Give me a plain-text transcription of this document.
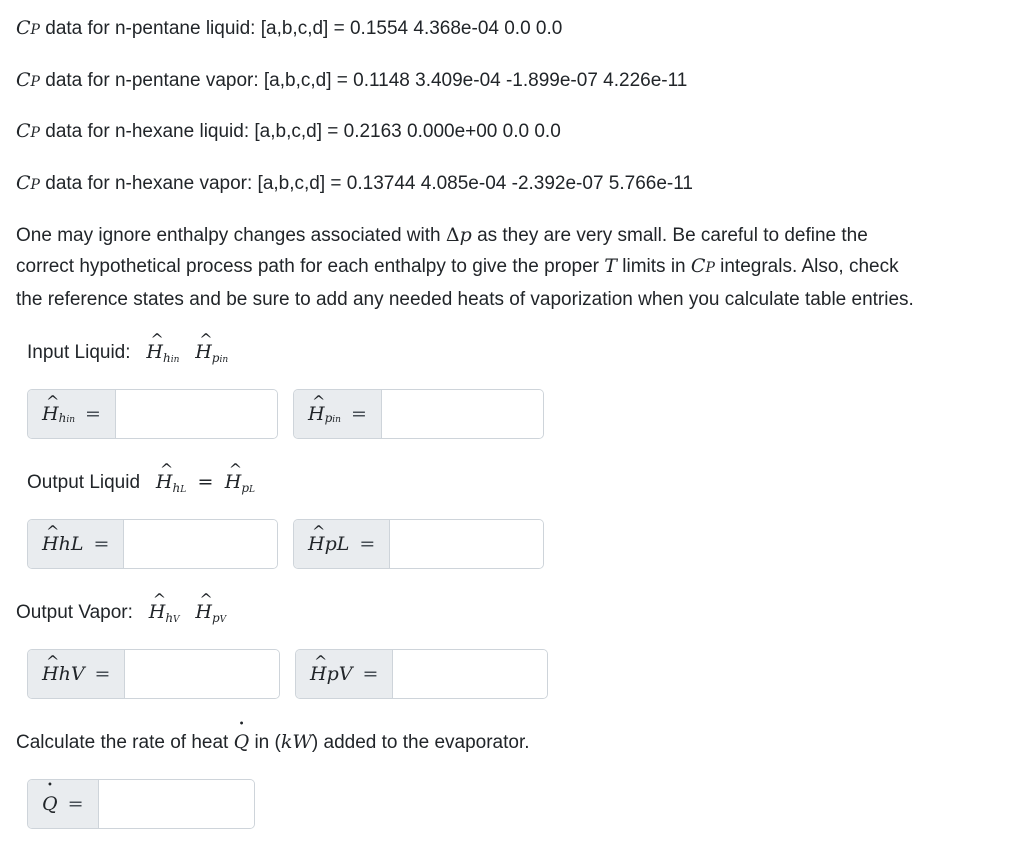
CP data for n-pentane liquid: [a,b,c,d] = 0.1554 4.368e-04 0.0 0.0
CP data for n-pentane vapor: [a,b,c,d] = 0.1148 3.409e-04 -1.899e-07 4.226e-11
CP data for n-hexane liquid: [a,b,c,d] = 0.2163 0.000e+00 0.0 0.0
CP data for n-hexane vapor: [a,b,c,d] = 0.13744 4.085e-04 -2.392e-07 5.766e-11
One may ignore enthalpy changes associated with Δp as they are very small. Be careful to define the
correct hypothetical process path for each enthalpy to give the proper T limits in CP integrals. Also, check
the reference states and be sure to add any needed heats of vaporization when you calculate table entries.
Input Liquid: ^ $H_{hin}$ ^ $H_{pin}$
^ H hin =	^ H pin =
Output Liquid ^ $H_{hL}$  =  ^ $H_{pL}$
^ H hL =	^ H pL =
Output Vapor: ^ $H_{hV}$ ^ $H_{pV}$
^ H hV =	^ H pV =
Calculate the rate of heat • Q in (kW) added to the evaporator.
• Q =
